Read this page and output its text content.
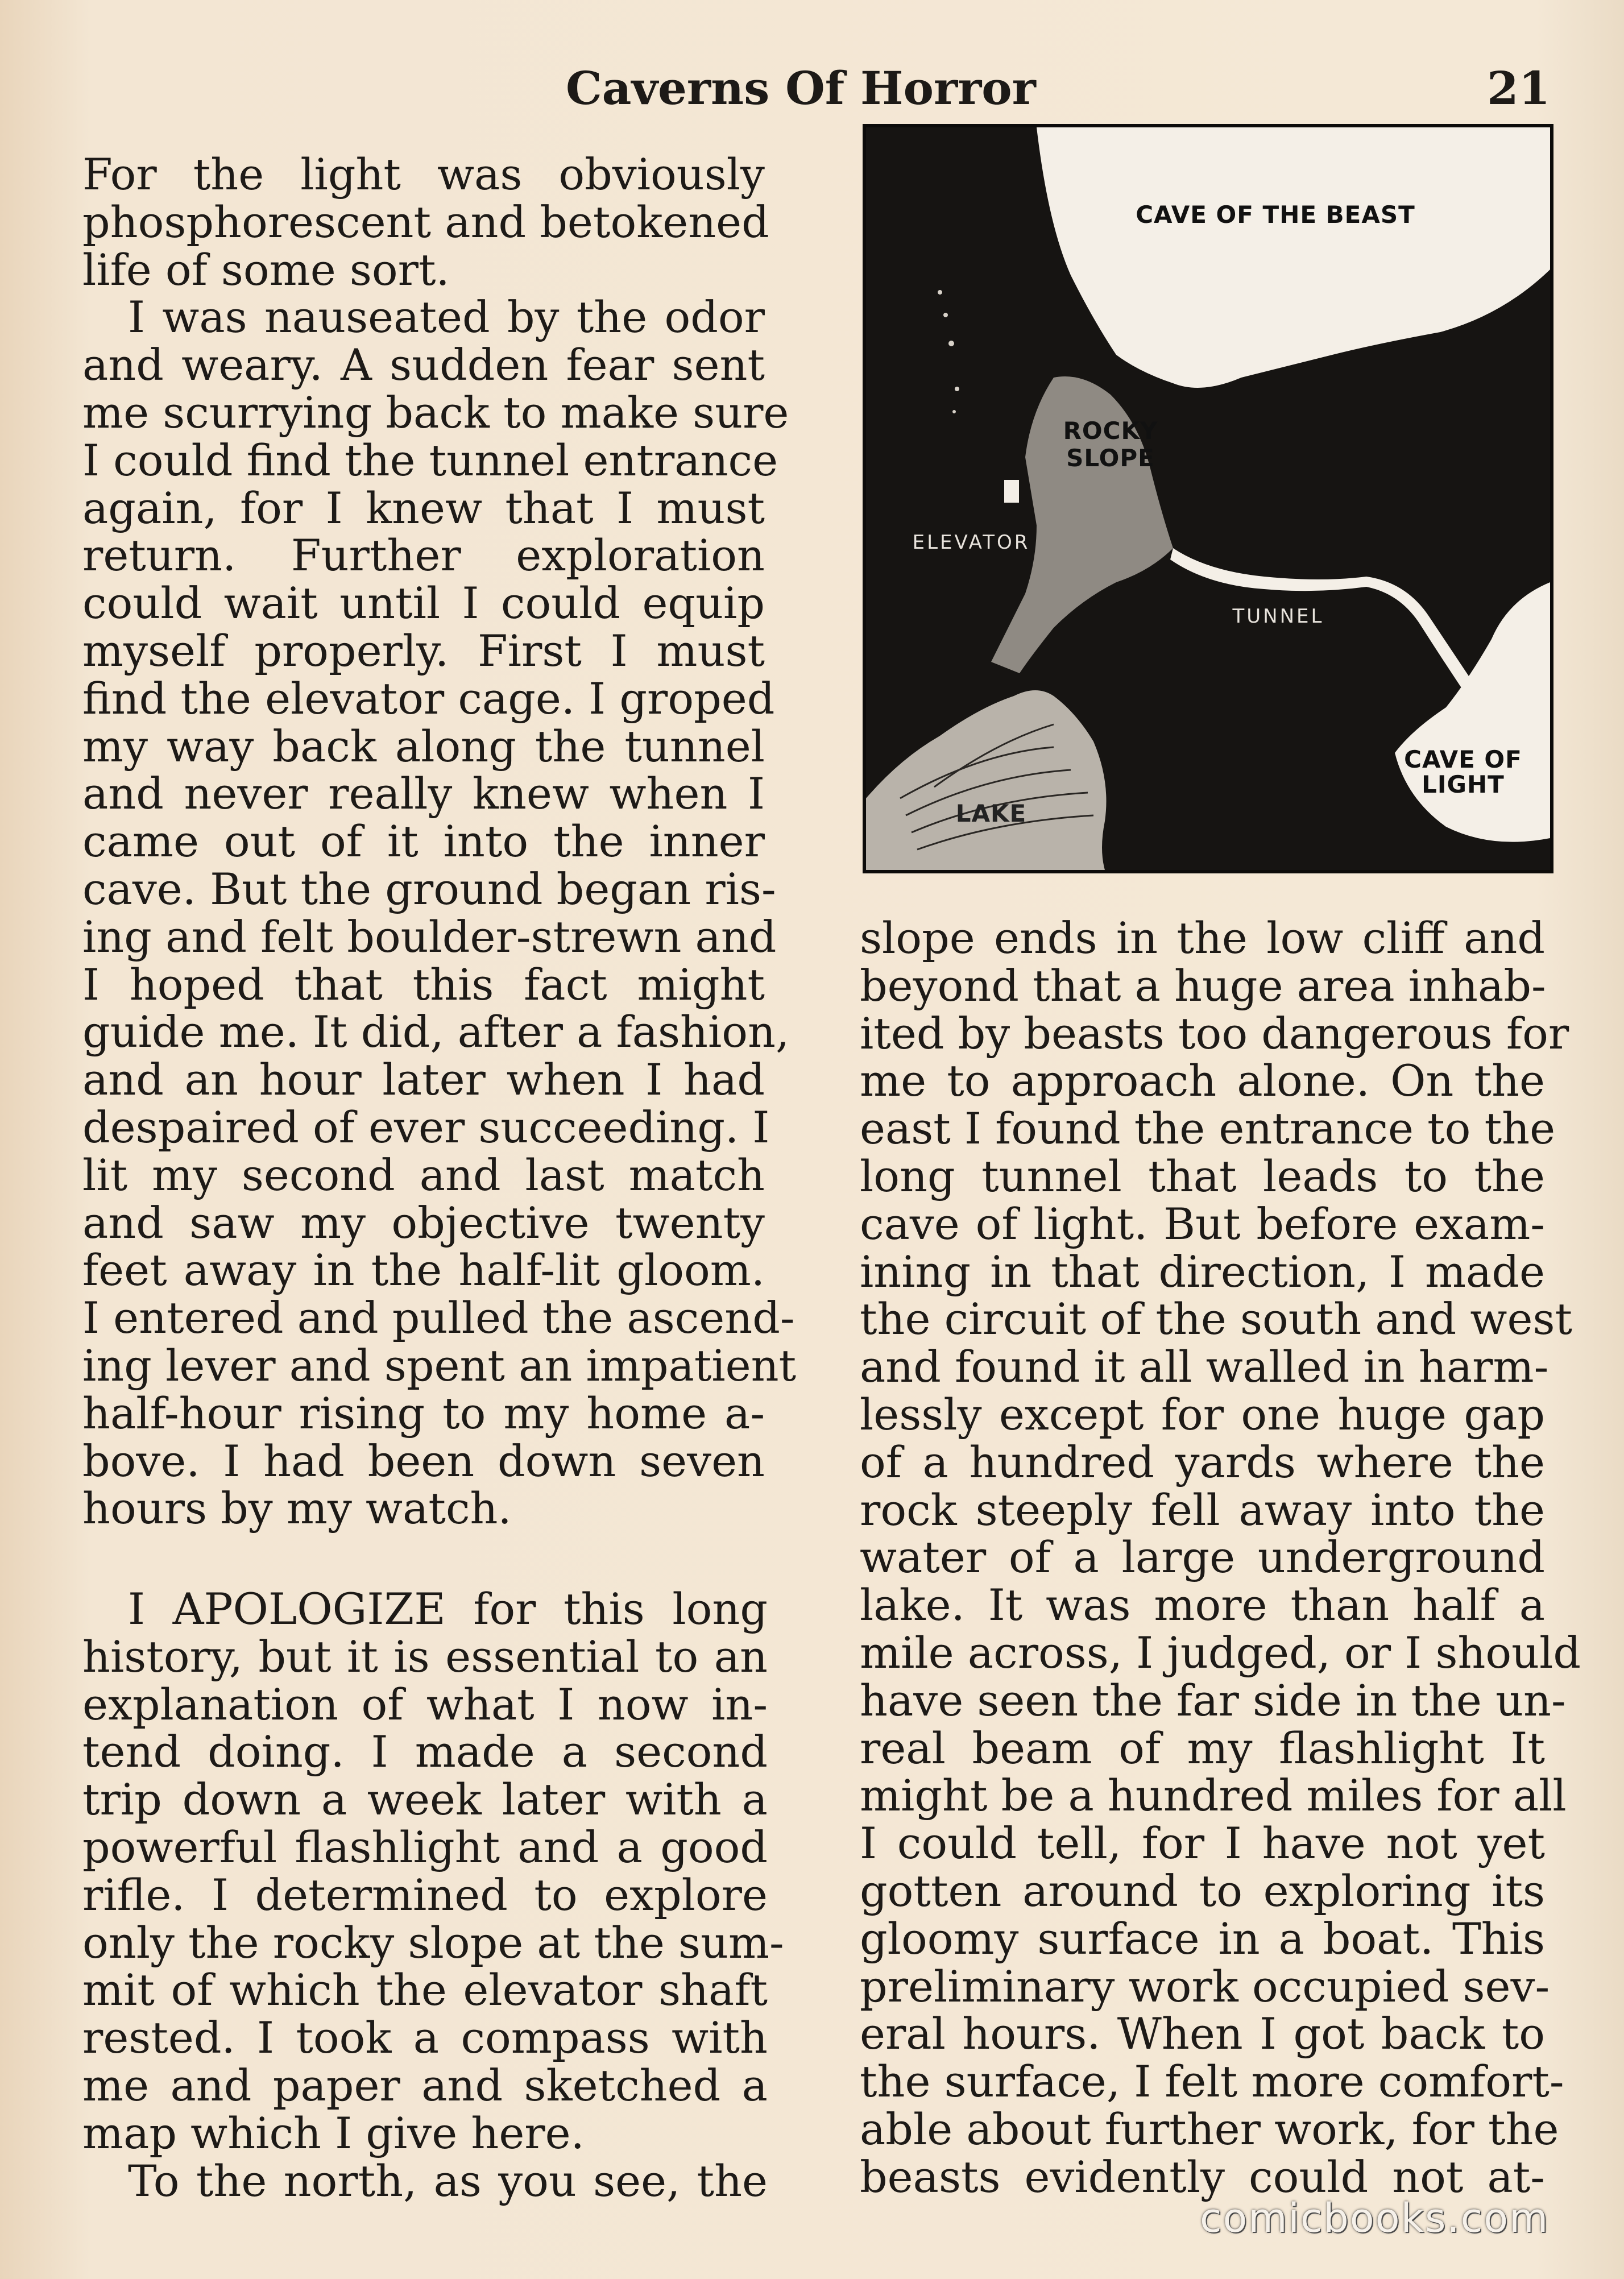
Caverns Of Horror	21
For the light was obviously
phosphorescent and betokened
life of some sort.
I was nauseated by the odor
and weary. A sudden fear sent
me scurrying back to make sure
I could find the tunnel entrance
again, for I knew that I must
return. Further exploration
could wait until I could equip
myself properly. First I must
find the elevator cage. I groped
my way back along the tunnel
and never really knew when I
came out of it into the inner
cave. But the ground began ris-
ing and felt boulder-strewn and
I hoped that this fact might
guide me. It did, after a fashion,
and an hour later when I had
despaired of ever succeeding. I
lit my second and last match
and saw my objective twenty
feet away in the half-lit gloom.
I entered and pulled the ascend-
ing lever and spent an impatient
half-hour rising to my home a-
bove. I had been down seven
hours by my watch.
I APOLOGIZE for this long
history, but it is essential to an
explanation of what I now in-
tend doing. I made a second
trip down a week later with a
powerful flashlight and a good
rifle. I determined to explore
only the rocky slope at the sum-
mit of which the elevator shaft
rested. I took a compass with
me and paper and sketched a
map which I give here.
To the north, as you see, the
CAVE OF THE BEAST
ROCKY
SLOPE
ELEVATOR
TUNNEL
CAVE OF
LIGHT
LAKE
slope ends in the low cliff and
beyond that a huge area inhab-
ited by beasts too dangerous for
me to approach alone. On the
east I found the entrance to the
long tunnel that leads to the
cave of light. But before exam-
ining in that direction, I made
the circuit of the south and west
and found it all walled in harm-
lessly except for one huge gap
of a hundred yards where the
rock steeply fell away into the
water of a large underground
lake. It was more than half a
mile across, I judged, or I should
have seen the far side in the un-
real beam of my flashlight It
might be a hundred miles for all
I could tell, for I have not yet
gotten around to exploring its
gloomy surface in a boat. This
preliminary work occupied sev-
eral hours. When I got back to
the surface, I felt more comfort-
able about further work, for the
beasts evidently could not at-
comicbooks.com
